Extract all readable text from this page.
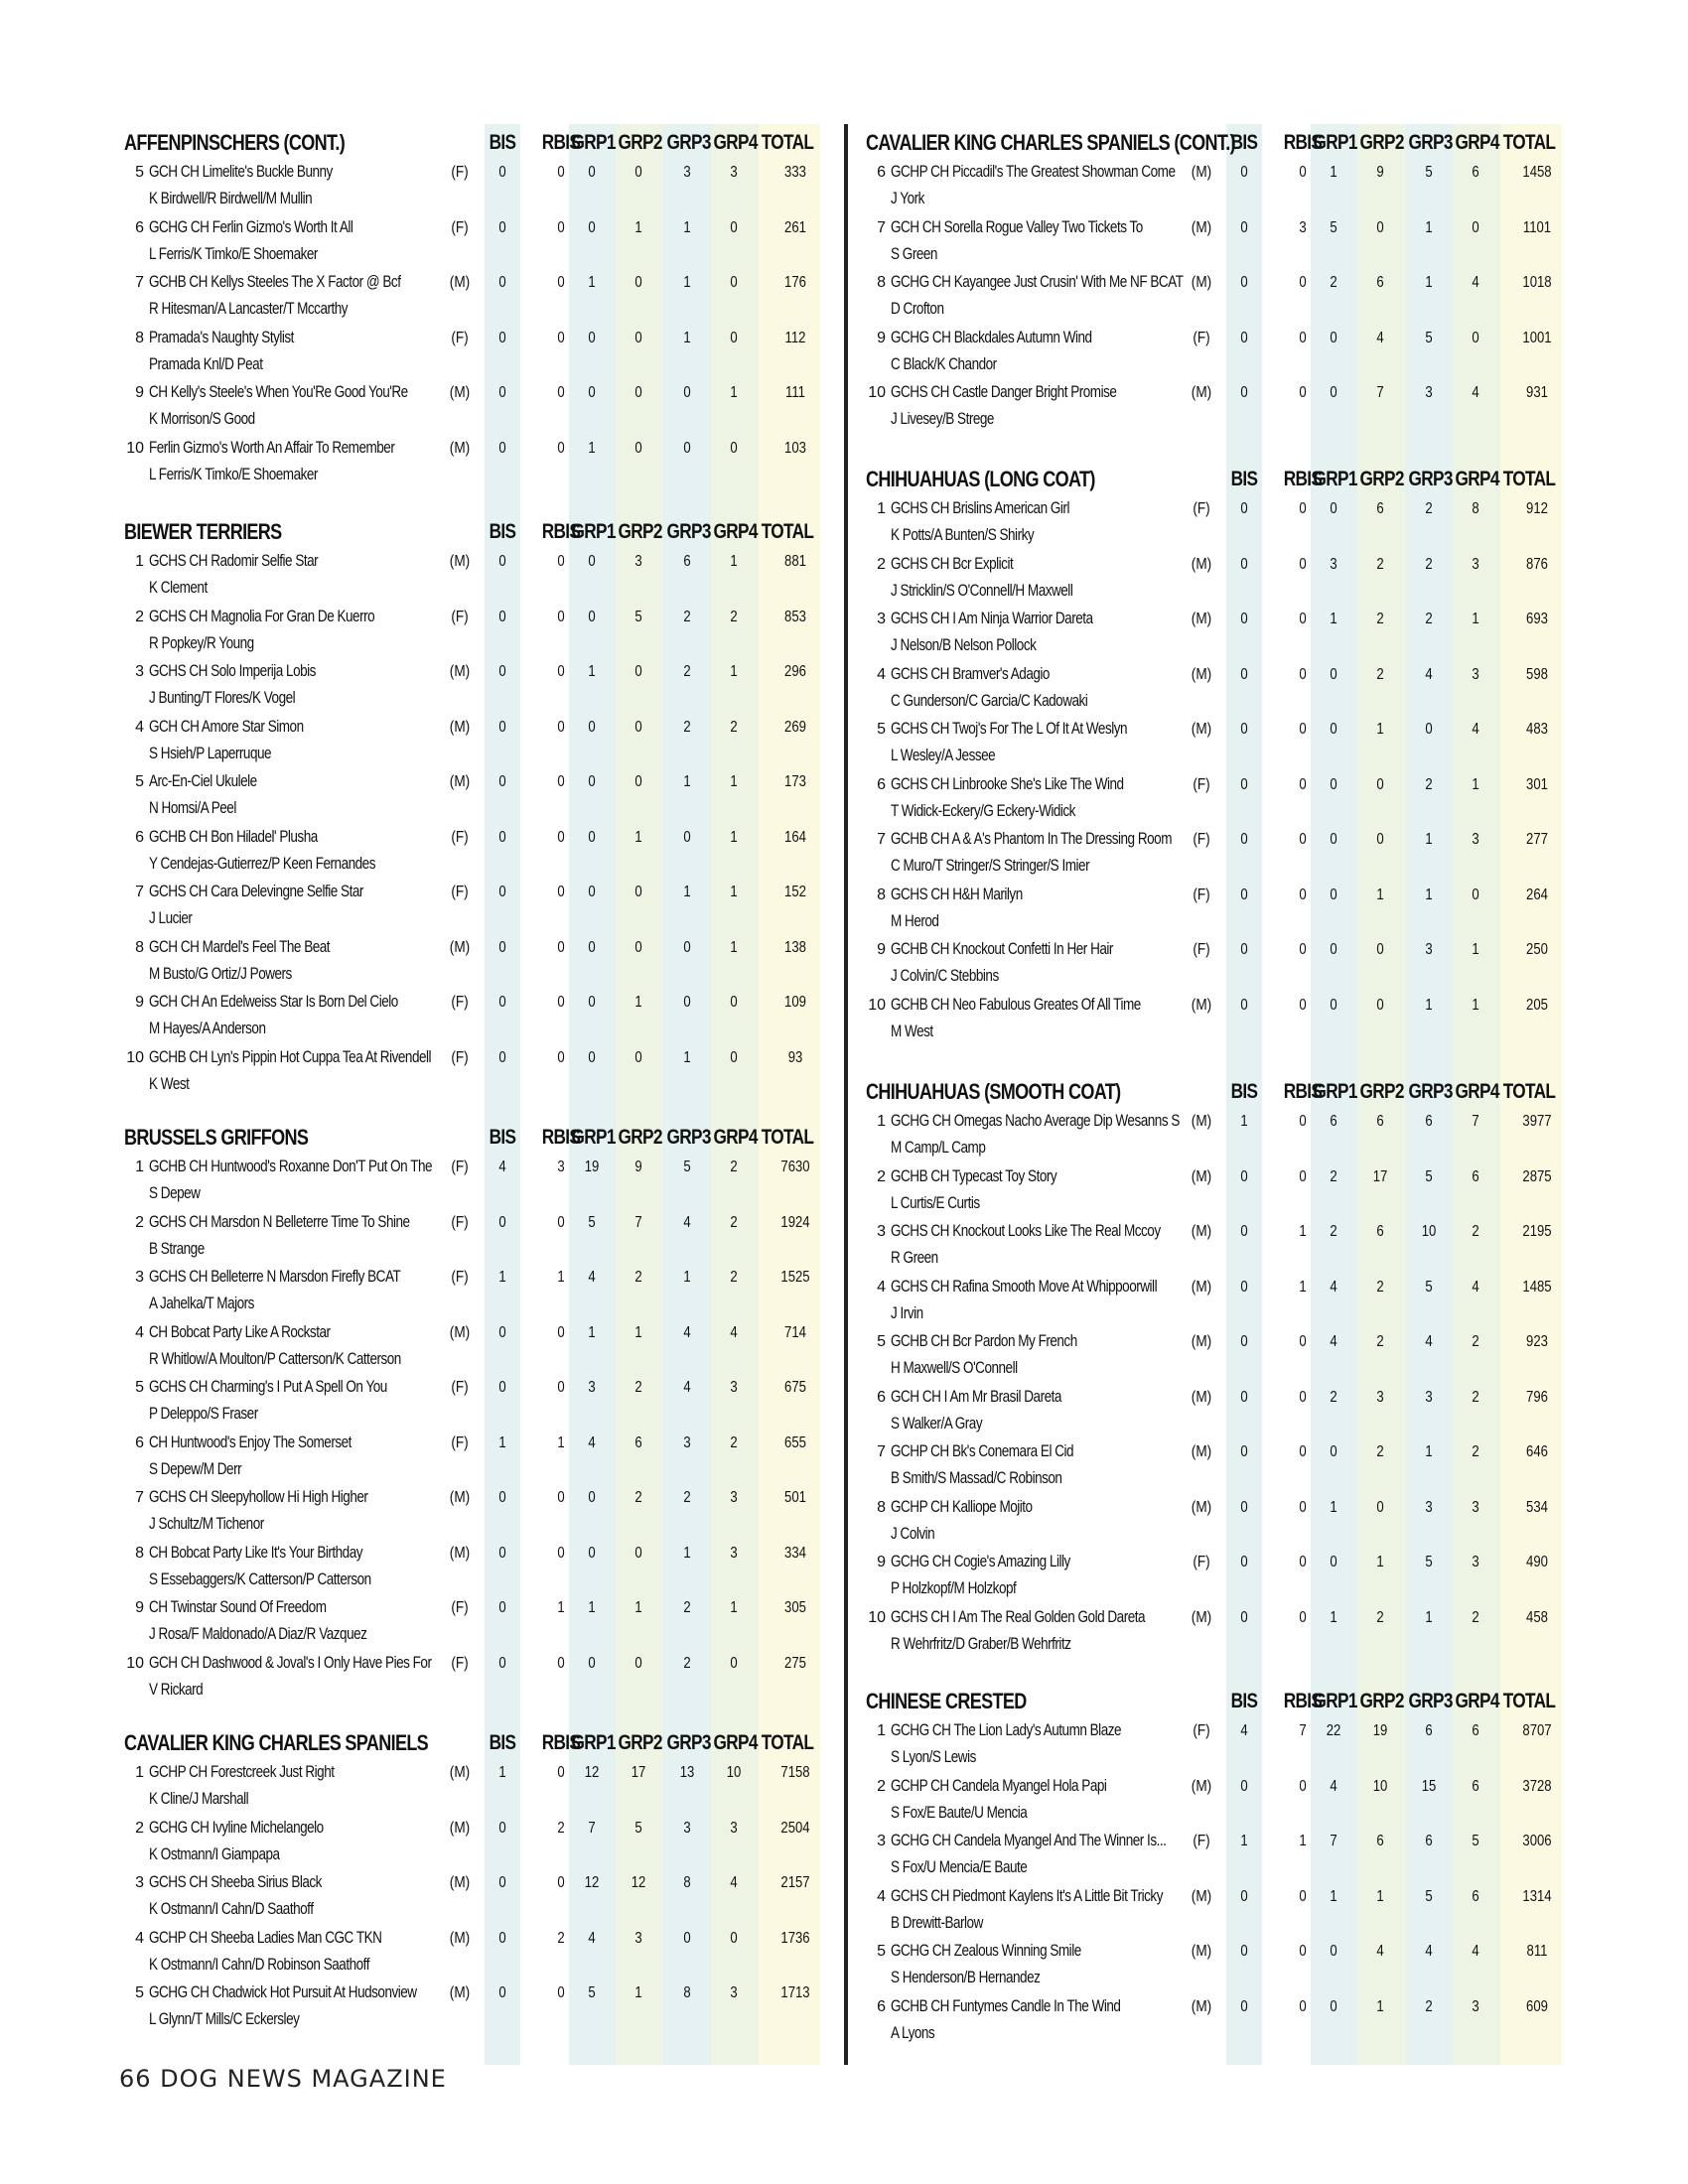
AFFENPINSCHERS (CONT.)	BIS	RBIS
GRP1 GRP2 GRP3 GRP4 TOTAL
5 GCH CH Limelite's Buckle Bunny
K Birdwell/R Birdwell/M Mullin
(F)	0	0	0	0	3	3	333
6 GCHG CH Ferlin Gizmo's Worth It All
L Ferris/K Timko/E Shoemaker
(F)	0	0	0	1	1	0	261
7 GCHB CH Kellys Steeles The X Factor @ Bcf
R Hitesman/A Lancaster/T Mccarthy
(M)	0	0	1	0	1	0	176
8 Pramada's Naughty Stylist
Pramada Knl/D Peat
(F)	0	0	0	0	1	0	112
9 CH Kelly's Steele's When You'Re Good You'Re
K Morrison/S Good
(M)	0	0	0	0	0	1	111
10 Ferlin Gizmo's Worth An Affair To Remember
L Ferris/K Timko/E Shoemaker
(M)	0	0	1	0	0	0	103
BIEWER TERRIERS	BIS	RBIS
GRP1 GRP2 GRP3 GRP4 TOTAL
1 GCHS CH Radomir Selfie Star
K Clement
(M)	0	0	0	3	6	1	881
2 GCHS CH Magnolia For Gran De Kuerro
R Popkey/R Young
(F)	0	0	0	5	2	2	853
3 GCHS CH Solo Imperija Lobis
J Bunting/T Flores/K Vogel
(M)	0	0	1	0	2	1	296
4 GCH CH Amore Star Simon
S Hsieh/P Laperruque
(M)	0	0	0	0	2	2	269
5 Arc-En-Ciel Ukulele
N Homsi/A Peel
(M)	0	0	0	0	1	1	173
6 GCHB CH Bon Hiladel' Plusha
Y Cendejas-Gutierrez/P Keen Fernandes
(F)	0	0	0	1	0	1	164
7 GCHS CH Cara Delevingne Selfie Star
J Lucier
(F)	0	0	0	0	1	1	152
8 GCH CH Mardel's Feel The Beat
M Busto/G Ortiz/J Powers
(M)	0	0	0	0	0	1	138
9 GCH CH An Edelweiss Star Is Born Del Cielo
M Hayes/A Anderson
(F)	0	0	0	1	0	0	109
10 GCHB CH Lyn's Pippin Hot Cuppa Tea At Rivendell
K West
(F)	0	0	0	0	1	0	93
BRUSSELS GRIFFONS	BIS	RBIS
GRP1 GRP2 GRP3 GRP4 TOTAL
1 GCHB CH Huntwood's Roxanne Don'T Put On The
S Depew
(F)	4	3	19	9	5	2	7630
2 GCHS CH Marsdon N Belleterre Time To Shine
B Strange
(F)	0	0	5	7	4	2	1924
3 GCHS CH Belleterre N Marsdon Firefly BCAT
A Jahelka/T Majors
(F)	1	1	4	2	1	2	1525
4 CH Bobcat Party Like A Rockstar
R Whitlow/A Moulton/P Catterson/K Catterson
(M)	0	0	1	1	4	4	714
5 GCHS CH Charming's I Put A Spell On You
P Deleppo/S Fraser
(F)	0	0	3	2	4	3	675
6 CH Huntwood's Enjoy The Somerset
S Depew/M Derr
(F)	1	1	4	6	3	2	655
7 GCHS CH Sleepyhollow Hi High Higher
J Schultz/M Tichenor
(M)	0	0	0	2	2	3	501
8 CH Bobcat Party Like It's Your Birthday
S Essebaggers/K Catterson/P Catterson
(M)	0	0	0	0	1	3	334
9 CH Twinstar Sound Of Freedom
J Rosa/F Maldonado/A Diaz/R Vazquez
(F)	0	1	1	1	2	1	305
10 GCH CH Dashwood & Joval's I Only Have Pies For
V Rickard
(F)	0	0	0	0	2	0	275
CAVALIER KING CHARLES SPANIELS	BIS	RBIS
GRP1 GRP2 GRP3 GRP4 TOTAL
1 GCHP CH Forestcreek Just Right
K Cline/J Marshall
(M)	1	0	12	17	13	10	7158
2 GCHG CH Ivyline Michelangelo
K Ostmann/I Giampapa
(M)	0	2	7	5	3	3	2504
3 GCHS CH Sheeba Sirius Black
K Ostmann/I Cahn/D Saathoff
(M)	0	0	12	12	8	4	2157
4 GCHP CH Sheeba Ladies Man CGC TKN
K Ostmann/I Cahn/D Robinson Saathoff
(M)	0	2	4	3	0	0	1736
5 GCHG CH Chadwick Hot Pursuit At Hudsonview
L Glynn/T Mills/C Eckersley
(M)	0	0	5	1	8	3	1713
CAVALIER KING CHARLES SPANIELS (CONT.)
BIS	RBIS
GRP1 GRP2 GRP3 GRP4 TOTAL
6 GCHP CH Piccadil's The Greatest Showman Come
J York
(M)	0	0	1	9	5	6	1458
7 GCH CH Sorella Rogue Valley Two Tickets To
S Green
(M)	0	3	5	0	1	0	1101
8 GCHG CH Kayangee Just Crusin' With Me NF BCAT
D Crofton
(M)	0	0	2	6	1	4	1018
9 GCHG CH Blackdales Autumn Wind
C Black/K Chandor
(F)	0	0	0	4	5	0	1001
10 GCHS CH Castle Danger Bright Promise
J Livesey/B Strege
(M)	0	0	0	7	3	4	931
CHIHUAHUAS (LONG COAT)	BIS	RBIS
GRP1 GRP2 GRP3 GRP4 TOTAL
1 GCHS CH Brislins American Girl
K Potts/A Bunten/S Shirky
(F)	0	0	0	6	2	8	912
2 GCHS CH Bcr Explicit
J Stricklin/S O'Connell/H Maxwell
(M)	0	0	3	2	2	3	876
3 GCHS CH I Am Ninja Warrior Dareta
J Nelson/B Nelson Pollock
(M)	0	0	1	2	2	1	693
4 GCHS CH Bramver's Adagio
C Gunderson/C Garcia/C Kadowaki
(M)	0	0	0	2	4	3	598
5 GCHS CH Twoj's For The L Of It At Weslyn
L Wesley/A Jessee
(M)	0	0	0	1	0	4	483
6 GCHS CH Linbrooke She's Like The Wind
T Widick-Eckery/G Eckery-Widick
(F)	0	0	0	0	2	1	301
7 GCHB CH A & A's Phantom In The Dressing Room
C Muro/T Stringer/S Stringer/S Imier
(F)	0	0	0	0	1	3	277
8 GCHS CH H&H Marilyn
M Herod
(F)	0	0	0	1	1	0	264
9 GCHB CH Knockout Confetti In Her Hair
J Colvin/C Stebbins
(F)	0	0	0	0	3	1	250
10 GCHB CH Neo Fabulous Greates Of All Time
M West
(M)	0	0	0	0	1	1	205
CHIHUAHUAS (SMOOTH COAT)	BIS	RBIS
GRP1 GRP2 GRP3 GRP4 TOTAL
1 GCHG CH Omegas Nacho Average Dip Wesanns S
M Camp/L Camp
(M)	1	0	6	6	6	7	3977
2 GCHB CH Typecast Toy Story
L Curtis/E Curtis
(M)	0	0	2	17	5	6	2875
3 GCHS CH Knockout Looks Like The Real Mccoy
R Green
(M)	0	1	2	6	10	2	2195
4 GCHS CH Rafina Smooth Move At Whippoorwill
J Irvin
(M)	0	1	4	2	5	4	1485
5 GCHB CH Bcr Pardon My French
H Maxwell/S O'Connell
(M)	0	0	4	2	4	2	923
6 GCH CH I Am Mr Brasil Dareta
S Walker/A Gray
(M)	0	0	2	3	3	2	796
7 GCHP CH Bk's Conemara El Cid
B Smith/S Massad/C Robinson
(M)	0	0	0	2	1	2	646
8 GCHP CH Kalliope Mojito
J Colvin
(M)	0	0	1	0	3	3	534
9 GCHG CH Cogie's Amazing Lilly
P Holzkopf/M Holzkopf
(F)	0	0	0	1	5	3	490
10 GCHS CH I Am The Real Golden Gold Dareta
R Wehrfritz/D Graber/B Wehrfritz
(M)	0	0	1	2	1	2	458
CHINESE CRESTED	BIS	RBIS
GRP1 GRP2 GRP3 GRP4 TOTAL
1 GCHG CH The Lion Lady's Autumn Blaze
S Lyon/S Lewis
(F)	4	7	22	19	6	6	8707
2 GCHP CH Candela Myangel Hola Papi
S Fox/E Baute/U Mencia
(M)	0	0	4	10	15	6	3728
3 GCHG CH Candela Myangel And The Winner Is...
S Fox/U Mencia/E Baute
(F)	1	1	7	6	6	5	3006
4 GCHS CH Piedmont Kaylens It's A Little Bit Tricky
B Drewitt-Barlow
(M)	0	0	1	1	5	6	1314
5 GCHG CH Zealous Winning Smile
S Henderson/B Hernandez
(M)	0	0	0	4	4	4	811
6 GCHB CH Funtymes Candle In The Wind
A Lyons
(M)	0	0	0	1	2	3	609
66 DOG NEWS MAGAZINE
